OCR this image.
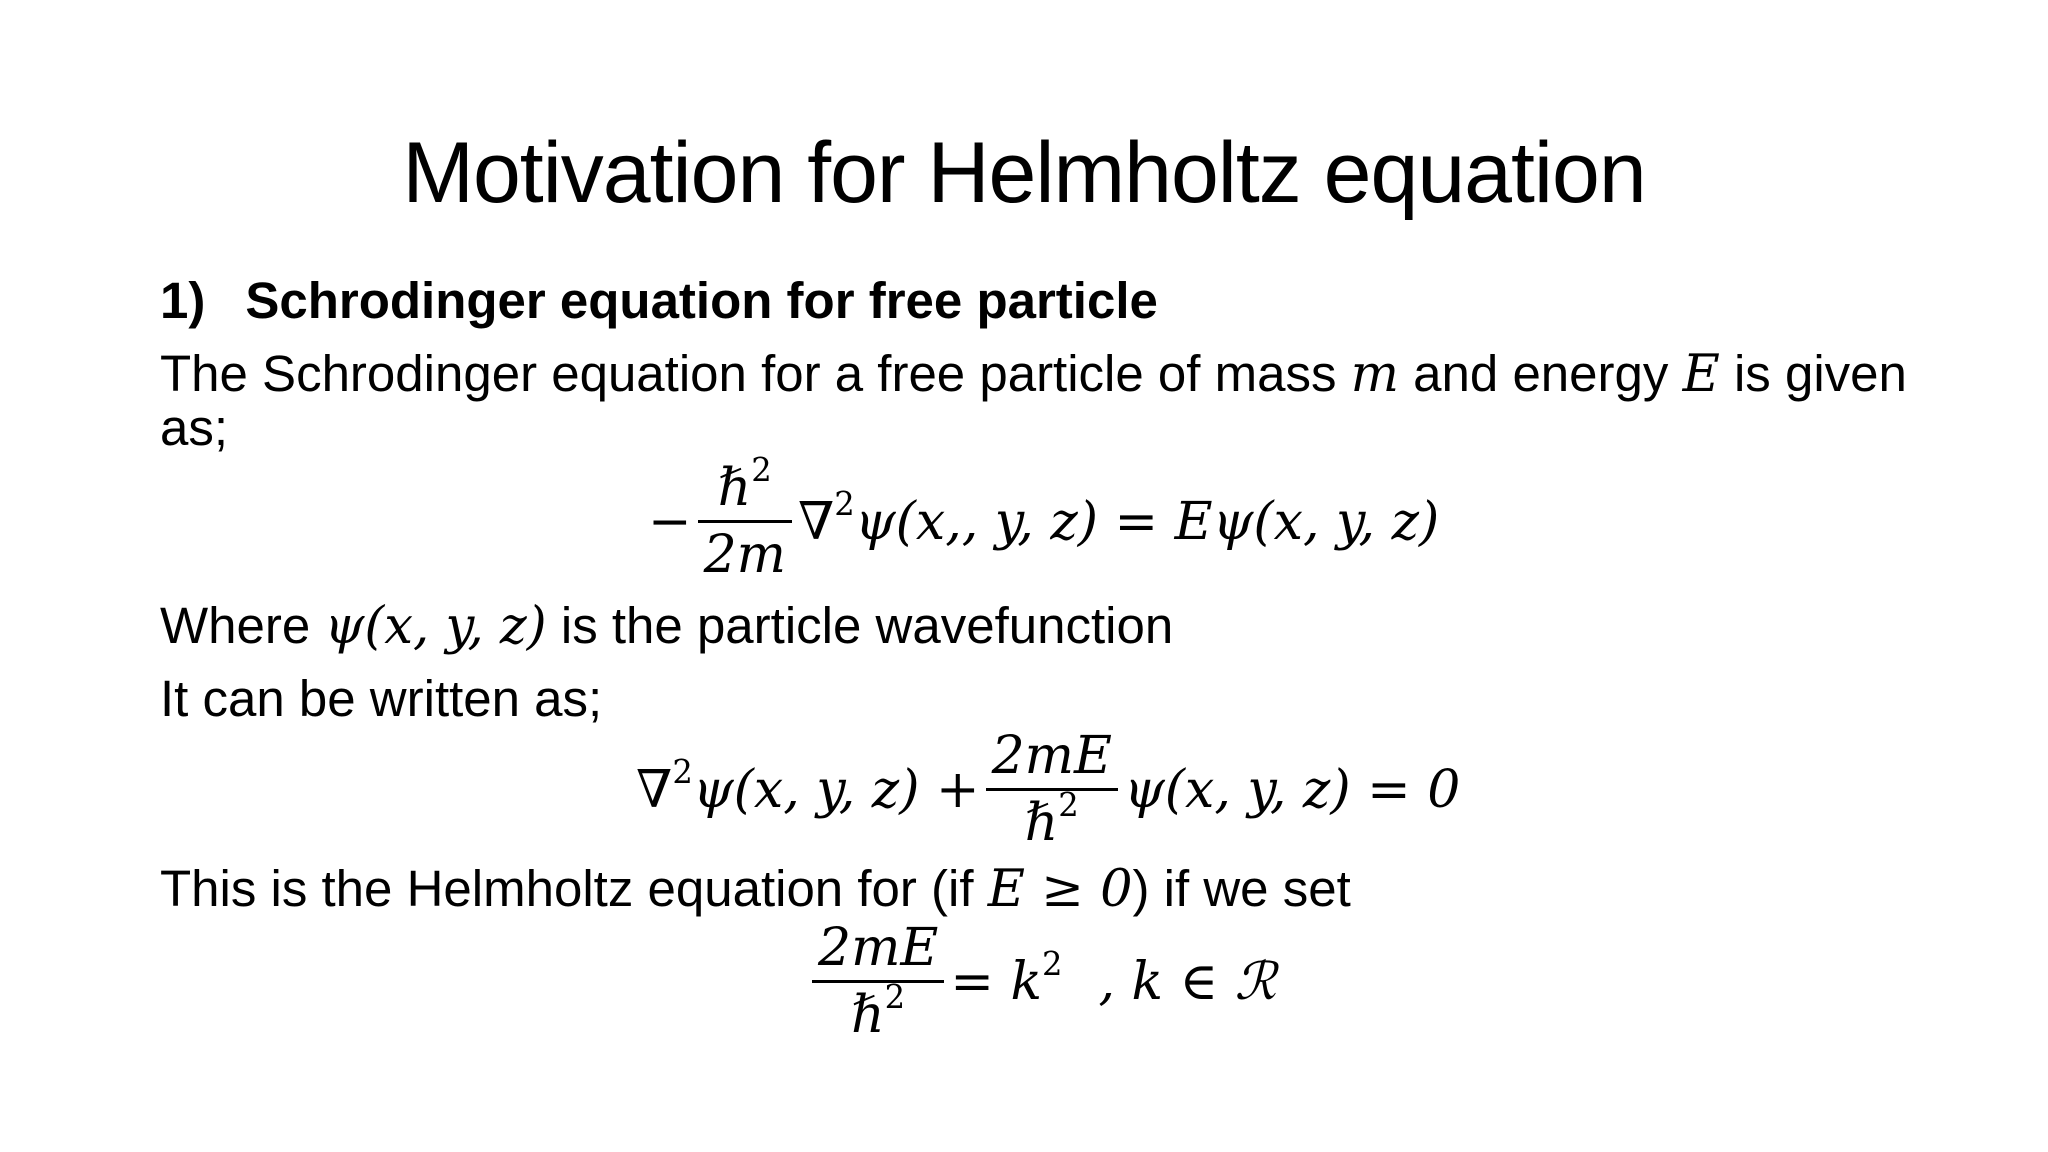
Motivation for Helmholtz equation
1) Schrodinger equation for free particle
The Schrodinger equation for a free particle of mass m and energy E is given
as;
− $\frac{\hbar^2}{2m} \nabla^2\psi(x$,, y, z) = Eψ(x, y, z)
Where ψ(x, y, z) is the particle wavefunction
It can be written as;
∇$^2$ψ(x, y, $z) + \frac{2mE}{\hbar^2} \psi(x$, y, z) = 0
This is the Helmholtz equation for (if E ≥ 0) if we set
$\frac{2mE}{\hbar^2} = k^2$ , k ∈ ℛ
